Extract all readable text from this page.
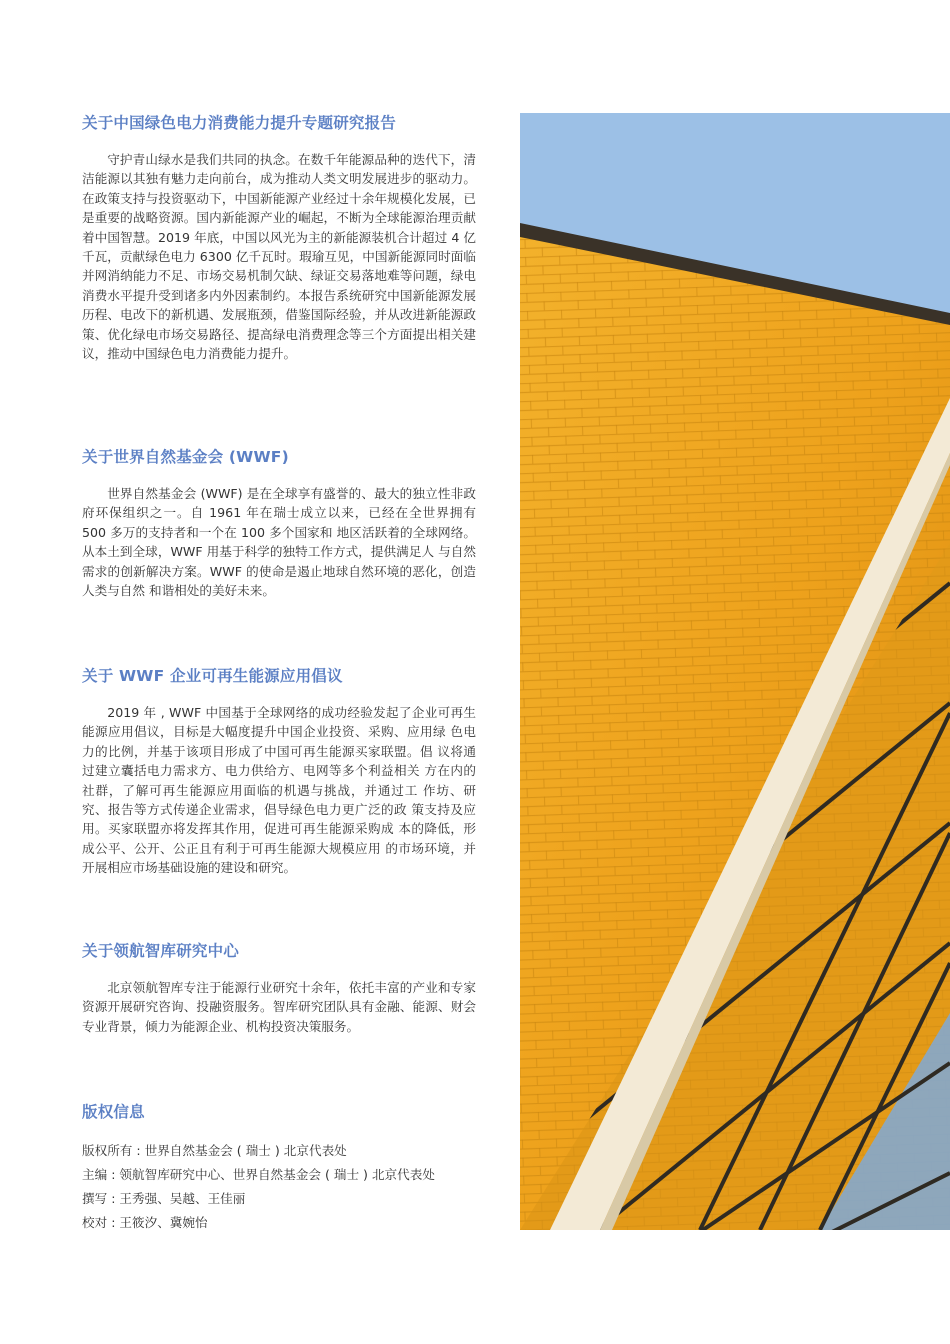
关于中国绿色电力消费能力提升专题研究报告

守护青山绿水是我们共同的执念。在数千年能源品种的迭代下，清洁能源以其独有魅力走向前台，成为推动人类文明发展进步的驱动力。在政策支持与投资驱动下，中国新能源产业经过十余年规模化发展，已是重要的战略资源。国内新能源产业的崛起，不断为全球能源治理贡献着中国智慧。2019 年底，中国以风光为主的新能源装机合计超过 4 亿千瓦，贡献绿色电力 6300 亿千瓦时。瑕瑜互见，中国新能源同时面临并网消纳能力不足、市场交易机制欠缺、绿证交易落地难等问题，绿电消费水平提升受到诸多内外因素制约。本报告系统研究中国新能源发展历程、电改下的新机遇、发展瓶颈，借鉴国际经验，并从改进新能源政策、优化绿电市场交易路径、提高绿电消费理念等三个方面提出相关建议，推动中国绿色电力消费能力提升。

关于世界自然基金会 (WWF)

世界自然基金会 (WWF) 是在全球享有盛誉的、最大的独立性非政府环保组织之一。自 1961 年在瑞士成立以来，已经在全世界拥有 500 多万的支持者和一个在 100 多个国家和 地区活跃着的全球网络。从本土到全球，WWF 用基于科学的独特工作方式，提供满足人 与自然需求的创新解决方案。WWF 的使命是遏止地球自然环境的恶化，创造人类与自然 和谐相处的美好未来。

关于 WWF 企业可再生能源应用倡议

2019 年 , WWF 中国基于全球网络的成功经验发起了企业可再生能源应用倡议，目标是大幅度提升中国企业投资、采购、应用绿 色电力的比例，并基于该项目形成了中国可再生能源买家联盟。倡 议将通过建立囊括电力需求方、电力供给方、电网等多个利益相关 方在内的社群，了解可再生能源应用面临的机遇与挑战，并通过工 作坊、研究、报告等方式传递企业需求，倡导绿色电力更广泛的政 策支持及应用。买家联盟亦将发挥其作用，促进可再生能源采购成 本的降低，形成公平、公开、公正且有利于可再生能源大规模应用 的市场环境，并开展相应市场基础设施的建设和研究。

关于领航智库研究中心

北京领航智库专注于能源行业研究十余年，依托丰富的产业和专家资源开展研究咨询、投融资服务。智库研究团队具有金融、能源、财会专业背景，倾力为能源企业、机构投资决策服务。

版权信息
版权所有 : 世界自然基金会 ( 瑞士 ) 北京代表处
主编 : 领航智库研究中心、世界自然基金会 ( 瑞士 ) 北京代表处
撰写 : 王秀强、吴越、王佳丽
校对 : 王筱汐、冀婉怡
